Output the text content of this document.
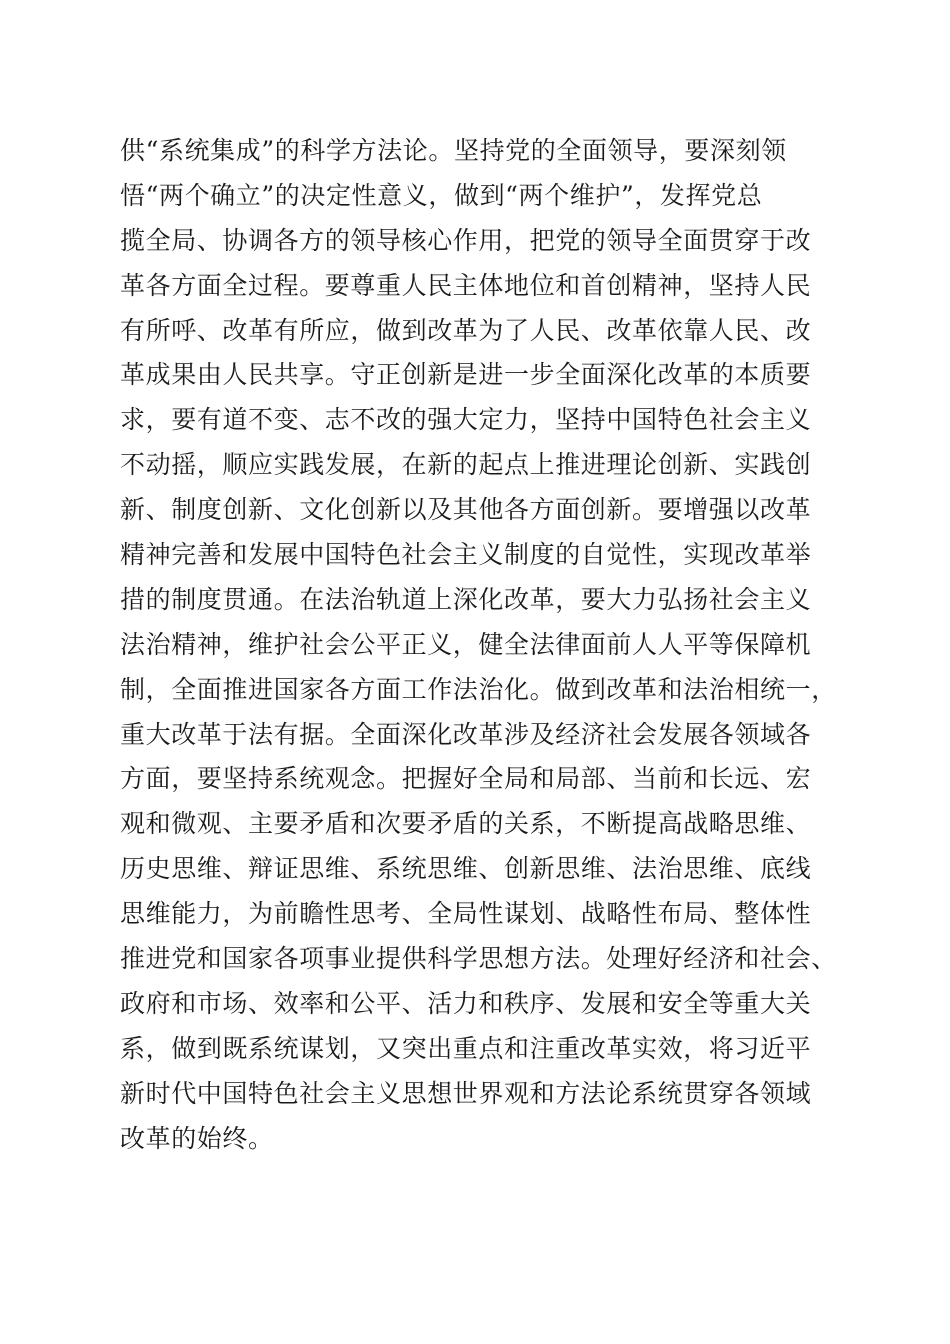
供“系统集成”的科学方法论。坚持党的全面领导，要深刻领
悟“两个确立”的决定性意义，做到“两个维护”，发挥党总
揽全局、协调各方的领导核心作用，把党的领导全面贯穿于改
革各方面全过程。要尊重人民主体地位和首创精神，坚持人民
有所呼、改革有所应，做到改革为了人民、改革依靠人民、改
革成果由人民共享。守正创新是进一步全面深化改革的本质要
求，要有道不变、志不改的强大定力，坚持中国特色社会主义
不动摇，顺应实践发展，在新的起点上推进理论创新、实践创
新、制度创新、文化创新以及其他各方面创新。要增强以改革
精神完善和发展中国特色社会主义制度的自觉性，实现改革举
措的制度贯通。在法治轨道上深化改革，要大力弘扬社会主义
法治精神，维护社会公平正义，健全法律面前人人平等保障机
制，全面推进国家各方面工作法治化。做到改革和法治相统一，
重大改革于法有据。全面深化改革涉及经济社会发展各领域各
方面，要坚持系统观念。把握好全局和局部、当前和长远、宏
观和微观、主要矛盾和次要矛盾的关系，不断提高战略思维、
历史思维、辩证思维、系统思维、创新思维、法治思维、底线
思维能力，为前瞻性思考、全局性谋划、战略性布局、整体性
推进党和国家各项事业提供科学思想方法。处理好经济和社会、
政府和市场、效率和公平、活力和秩序、发展和安全等重大关
系，做到既系统谋划，又突出重点和注重改革实效，将习近平
新时代中国特色社会主义思想世界观和方法论系统贯穿各领域
改革的始终。
